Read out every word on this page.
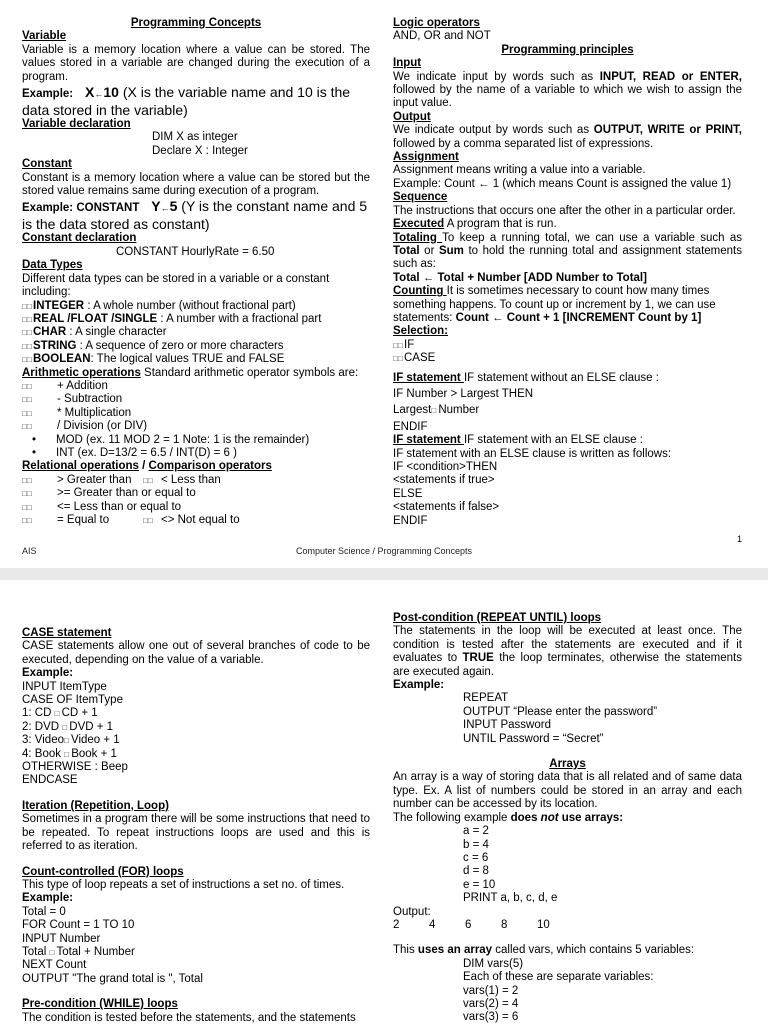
Programming Concepts
Variable

Variable is a memory location where a value can be stored. The values stored in a variable are changed during the execution of a program.

Example: X←10 (X is the variable name and 10 is the data stored in the variable)

Variable declaration
DIM X as integer
Declare X : Integer
Constant

Constant is a memory location where a value can be stored but the stored value remains same during execution of a program.

Example: CONSTANT Y←5 (Y is the constant name and 5 is the data stored as constant)

Constant declaration
CONSTANT HourlyRate = 6.50
Data Types

Different data types can be stored in a variable or a constant including:

□□INTEGER : A whole number (without fractional part)
□□REAL /FLOAT /SINGLE : A number with a fractional part
□□CHAR : A single character
□□STRING : A sequence of zero or more characters
□□BOOLEAN: The logical values TRUE and FALSE
Arithmetic operations Standard arithmetic operator symbols are:
□□	+ Addition
□□	- Subtraction
□□	* Multiplication
□□	/ Division (or DIV)
•	MOD (ex. 11 MOD 2 = 1 Note: 1 is the remainder)
•	INT (ex. D=13/2 = 6.5 / INT(D) = 6 )
Relational operations / Comparison operators
□□	> Greater than	□□ < Less than
□□	>= Greater than or equal to
□□	<= Less than or equal to
□□	= Equal to	□□ <> Not equal to
Logic operators
AND, OR and NOT
Programming principles
Input

We indicate input by words such as INPUT, READ or ENTER, followed by the name of a variable to which we wish to assign the input value.

Output

We indicate output by words such as OUTPUT, WRITE or PRINT, followed by a comma separated list of expressions.

Assignment
Assignment means writing a value into a variable.
Example: Count ← 1 (which means Count is assigned the value 1)
Sequence
The instructions that occurs one after the other in a particular order.
Executed A program that is run.

Totaling To keep a running total, we can use a variable such as Total or Sum to hold the running total and assignment statements such as:

Total ← Total + Number [ADD Number to Total]

Counting It is sometimes necessary to count how many times something happens. To count up or increment by 1, we can use statements: Count ← Count + 1 [INCREMENT Count by 1]

Selection:
□□IF
□□CASE
IF statement IF statement without an ELSE clause :
IF Number > Largest THEN
Largest□ Number
ENDIF
IF statement IF statement with an ELSE clause :
IF statement with an ELSE clause is written as follows:
IF <condition>THEN
<statements if true>
ELSE
<statements if false>
ENDIF
1
AIS	Computer Science / Programming Concepts
CASE statement

CASE statements allow one out of several branches of code to be executed, depending on the value of a variable.

Example:
INPUT ItemType
CASE OF ItemType
1: CD □ CD + 1
2: DVD □ DVD + 1
3: Video□ Video + 1
4: Book □ Book + 1
OTHERWISE : Beep
ENDCASE
Iteration (Repetition, Loop)

Sometimes in a program there will be some instructions that need to be repeated. To repeat instructions loops are used and this is referred to as iteration.

Count-controlled (FOR) loops
This type of loop repeats a set of instructions a set no. of times.
Example:
Total = 0
FOR Count = 1 TO 10
INPUT Number
Total □ Total + Number
NEXT Count
OUTPUT "The grand total is ", Total
Pre-condition (WHILE) loops

The condition is tested before the statements, and the statements

Post-condition (REPEAT UNTIL) loops

The statements in the loop will be executed at least once. The condition is tested after the statements are executed and if it evaluates to TRUE the loop terminates, otherwise the statements are executed again.

Example:
REPEAT
OUTPUT “Please enter the password”
INPUT Password
UNTIL Password = “Secret”
Arrays

An array is a way of storing data that is all related and of same data type. Ex. A list of numbers could be stored in an array and each number can be accessed by its location.

The following example does not use arrays:
a = 2
b = 4
c = 6
d = 8
e = 10
PRINT a, b, c, d, e
Output:
2	4	6	8	10
This uses an array called vars, which contains 5 variables:
DIM vars(5)
Each of these are separate variables:
vars(1) = 2
vars(2) = 4
vars(3) = 6
